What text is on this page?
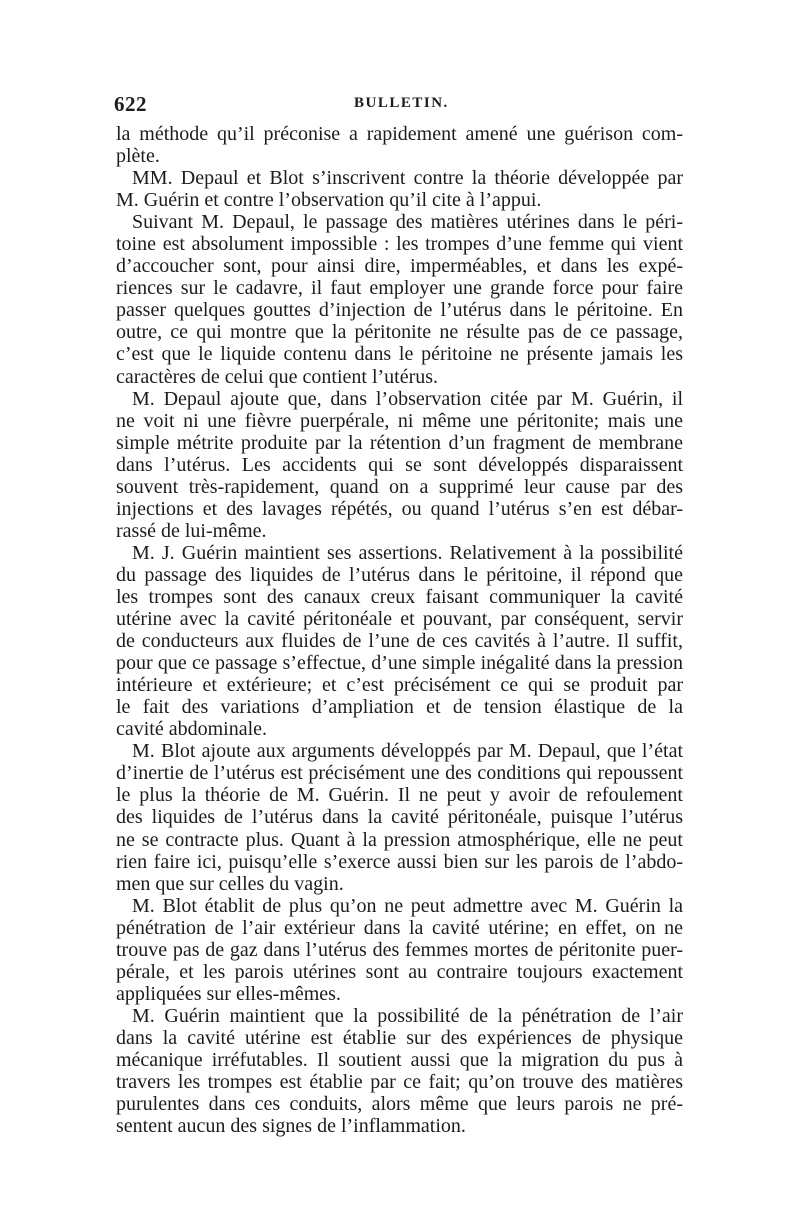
622	BULLETIN.
la méthode qu’il préconise a rapidement amené une guérison com-
plète.
MM. Depaul et Blot s’inscrivent contre la théorie développée par
M. Guérin et contre l’observation qu’il cite à l’appui.
Suivant M. Depaul, le passage des matières utérines dans le péri-
toine est absolument impossible : les trompes d’une femme qui vient
d’accoucher sont, pour ainsi dire, imperméables, et dans les expé-
riences sur le cadavre, il faut employer une grande force pour faire
passer quelques gouttes d’injection de l’utérus dans le péritoine. En
outre, ce qui montre que la péritonite ne résulte pas de ce passage,
c’est que le liquide contenu dans le péritoine ne présente jamais les
caractères de celui que contient l’utérus.
M. Depaul ajoute que, dans l’observation citée par M. Guérin, il
ne voit ni une fièvre puerpérale, ni même une péritonite; mais une
simple métrite produite par la rétention d’un fragment de membrane
dans l’utérus. Les accidents qui se sont développés disparaissent
souvent très-rapidement, quand on a supprimé leur cause par des
injections et des lavages répétés, ou quand l’utérus s’en est débar-
rassé de lui-même.
M. J. Guérin maintient ses assertions. Relativement à la possibilité
du passage des liquides de l’utérus dans le péritoine, il répond que
les trompes sont des canaux creux faisant communiquer la cavité
utérine avec la cavité péritonéale et pouvant, par conséquent, servir
de conducteurs aux fluides de l’une de ces cavités à l’autre. Il suffit,
pour que ce passage s’effectue, d’une simple inégalité dans la pression
intérieure et extérieure; et c’est précisément ce qui se produit par
le fait des variations d’ampliation et de tension élastique de la
cavité abdominale.
M. Blot ajoute aux arguments développés par M. Depaul, que l’état
d’inertie de l’utérus est précisément une des conditions qui repoussent
le plus la théorie de M. Guérin. Il ne peut y avoir de refoulement
des liquides de l’utérus dans la cavité péritonéale, puisque l’utérus
ne se contracte plus. Quant à la pression atmosphérique, elle ne peut
rien faire ici, puisqu’elle s’exerce aussi bien sur les parois de l’abdo-
men que sur celles du vagin.
M. Blot établit de plus qu’on ne peut admettre avec M. Guérin la
pénétration de l’air extérieur dans la cavité utérine; en effet, on ne
trouve pas de gaz dans l’utérus des femmes mortes de péritonite puer-
pérale, et les parois utérines sont au contraire toujours exactement
appliquées sur elles-mêmes.
M. Guérin maintient que la possibilité de la pénétration de l’air
dans la cavité utérine est établie sur des expériences de physique
mécanique irréfutables. Il soutient aussi que la migration du pus à
travers les trompes est établie par ce fait; qu’on trouve des matières
purulentes dans ces conduits, alors même que leurs parois ne pré-
sentent aucun des signes de l’inflammation.
